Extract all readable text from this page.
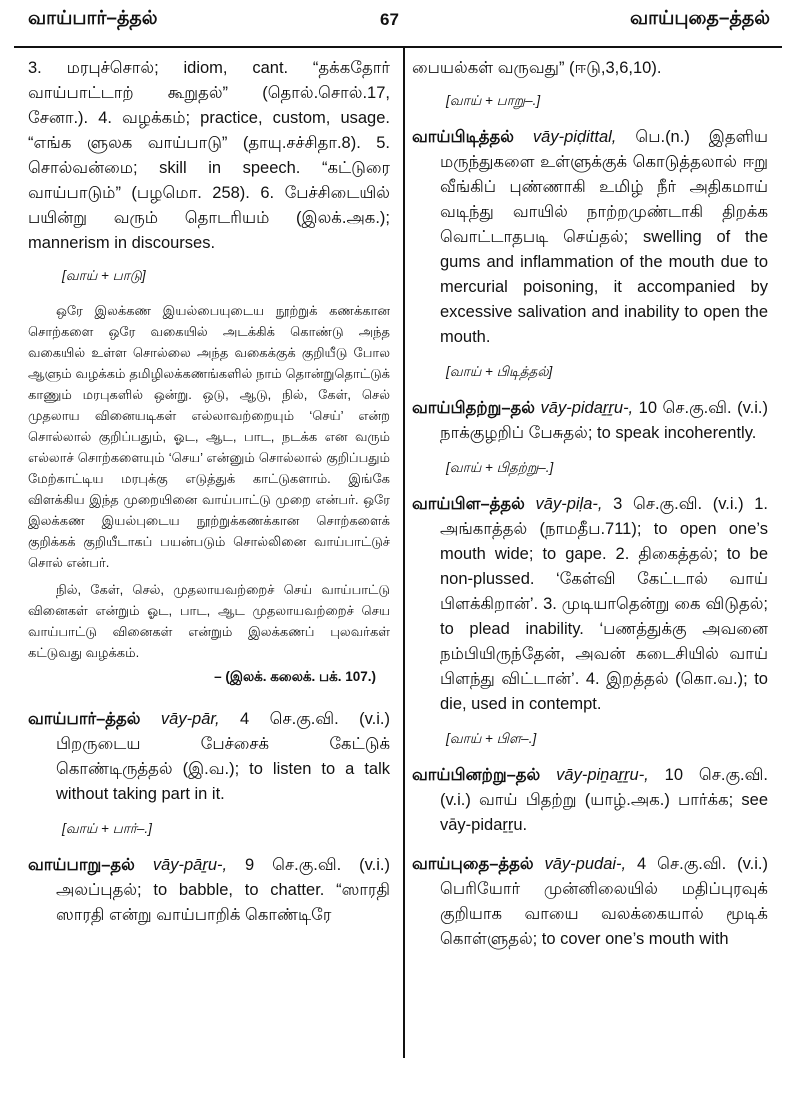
வாய்பார்–த்தல்	67	வாய்புதை–த்தல்

3. மரபுச்சொல்; idiom, cant. “தக்கதோர் வாய்பாட்டாற் கூறுதல்” (தொல்.சொல்.17, சேனா.). 4. வழக்கம்; practice, custom, usage. “எங்க ளுலக வாய்பாடு” (தாயு.சச்சிதா.8). 5. சொல்வன்மை; skill in speech. “கட்டுரை வாய்பாடும்” (பழமொ. 258). 6. பேச்சிடையில் பயின்று வரும் தொடரியம் (இலக்.அக.); mannerism in discourses.

[வாய் + பாடு]

ஒரே இலக்கண இயல்பையுடைய நூற்றுக் கணக்கான சொற்களை ஒரே வகையில் அடக்கிக் கொண்டு அந்த வகையில் உள்ள சொல்லை அந்த வகைக்குக் குறியீடு போல ஆளும் வழக்கம் தமிழிலக்கணங்களில் நாம் தொன்றுதொட்டுக் காணும் மரபுகளில் ஒன்று. ஒடு, ஆடு, நில், கேள், செல் முதலாய வினையடிகள் எல்லாவற்றையும் ‘செய்’ என்ற சொல்லால் குறிப்பதும், ஓட, ஆட, பாட, நடக்க என வரும் எல்லாச் சொற்களையும் ‘செய’ என்னும் சொல்லால் குறிப்பதும் மேற்காட்டிய மரபுக்கு எடுத்துக் காட்டுகளாம். இங்கே விளக்கிய இந்த முறையினை வாய்பாட்டு முறை என்பர். ஒரே இலக்கண இயல்புடைய நூற்றுக்கணக்கான சொற்களைக் குறிக்கக் குறியீடாகப் பயன்படும் சொல்லினை வாய்பாட்டுச் சொல் என்பர்.

நில், கேள், செல், முதலாயவற்றைச் செய் வாய்பாட்டு வினைகள் என்றும் ஓட, பாட, ஆட முதலாயவற்றைச் செய வாய்பாட்டு வினைகள் என்றும் இலக்கணப் புலவர்கள் கட்டுவது வழக்கம்.

– (இலக். கலைக். பக். 107.)

வாய்பார்–த்தல் vāy-pār, 4 செ.கு.வி. (v.i.) பிறருடைய பேச்சைக் கேட்டுக் கொண்டிருத்தல் (இ.வ.); to listen to a talk without taking part in it.

[வாய் + பார்–.]

வாய்பாறு–தல் vāy-pāṟu-, 9 செ.கு.வி. (v.i.) அலப்புதல்; to babble, to chatter. “ஸாரதி ஸாரதி என்று வாய்பாறிக் கொண்டிரே

பையல்கள் வருவது” (ஈடு,3,6,10).

[வாய் + பாறு–.]

வாய்பிடித்தல் vāy-piḍittal, பெ.(n.) இதளிய மருந்துகளை உள்ளுக்குக் கொடுத்தலால் ஈறு வீங்கிப் புண்ணாகி உமிழ் நீர் அதிகமாய் வடிந்து வாயில் நாற்றமுண்டாகி திறக்க வொட்டாதபடி செய்தல்; swelling of the gums and inflammation of the mouth due to mercurial poisoning, it accompanied by excessive salivation and inability to open the mouth.

[வாய் + பிடித்தல்]

வாய்பிதற்று–தல் vāy-pidaṟṟu-, 10 செ.கு.வி. (v.i.) நாக்குழறிப் பேசுதல்; to speak incoherently.

[வாய் + பிதற்று–.]

வாய்பிள–த்தல் vāy-piḷa-, 3 செ.கு.வி. (v.i.) 1. அங்காத்தல் (நாமதீப.711); to open one’s mouth wide; to gape. 2. திகைத்தல்; to be non-plussed. ‘கேள்வி கேட்டால் வாய் பிளக்கிறான்’. 3. முடியாதென்று கை விடுதல்; to plead inability. ‘பணத்துக்கு அவனை நம்பியிருந்தேன், அவன் கடைசியில் வாய் பிளந்து விட்டான்’. 4. இறத்தல் (கொ.வ.); to die, used in contempt.

[வாய் + பிள–.]

வாய்பினற்று–தல் vāy-piṉaṟṟu-, 10 செ.கு.வி. (v.i.) வாய் பிதற்று (யாழ்.அக.) பார்க்க; see vāy-pidaṟṟu.

வாய்புதை–த்தல் vāy-pudai-, 4 செ.கு.வி. (v.i.) பெரியோர் முன்னிலையில் மதிப்புரவுக் குறியாக வாயை வலக்கையால் மூடிக் கொள்ளுதல்; to cover one’s mouth with
